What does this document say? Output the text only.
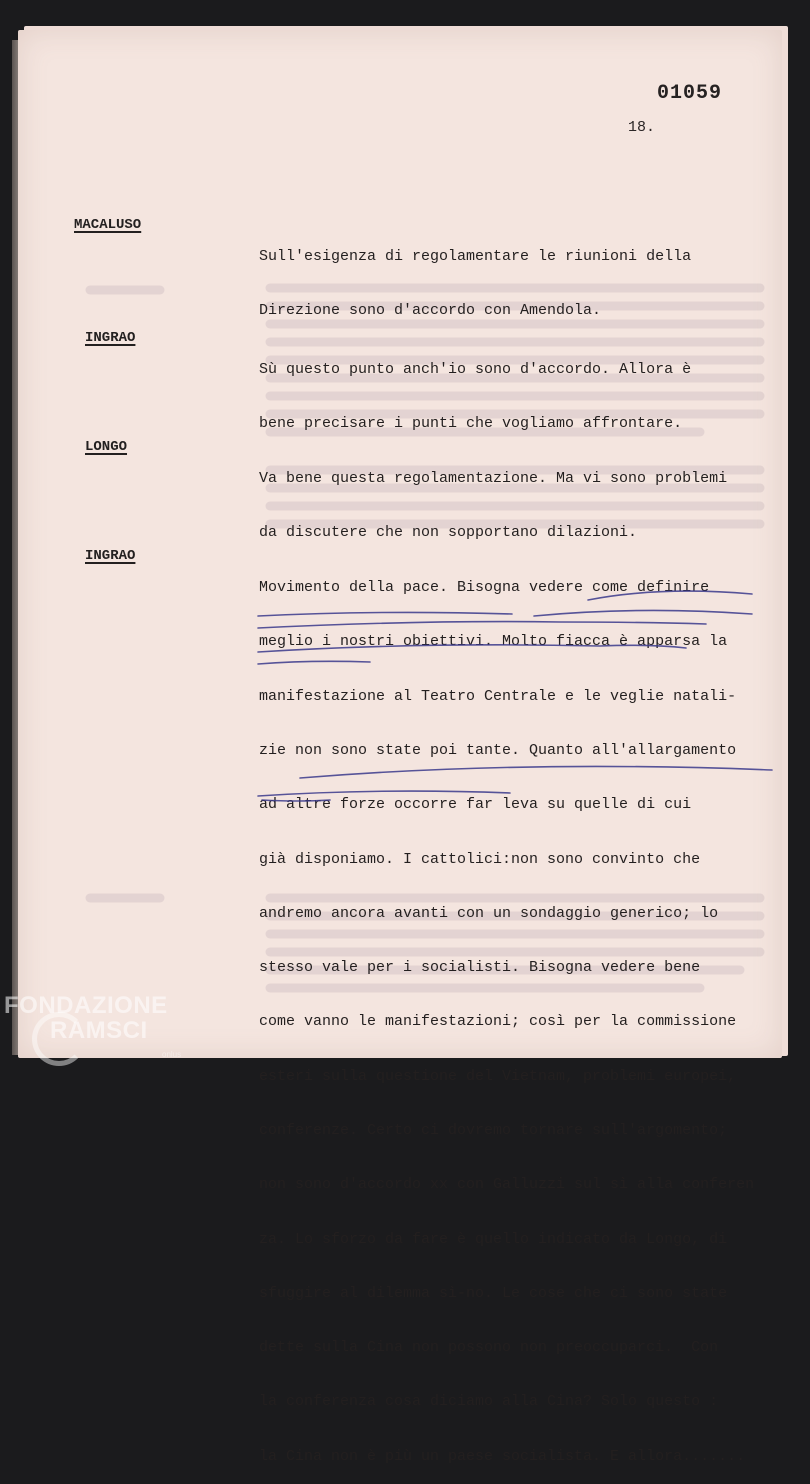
01059
18.
MACALUSO

Sull'esigenza di regolamentare le riunioni della

Direzione sono d'accordo con Amendola.

INGRAO

Sù questo punto anch'io sono d'accordo. Allora è

bene precisare i punti che vogliamo affrontare.

LONGO

Va bene questa regolamentazione. Ma vi sono problemi

da discutere che non sopportano dilazioni.

INGRAO

Movimento della pace. Bisogna vedere come definire

meglio i nostri obiettivi. Molto fiacca è apparsa la

manifestazione al Teatro Centrale e le veglie natali-

zie non sono state poi tante. Quanto all'allargamento

ad altre forze occorre far leva su quelle di cui

già disponiamo. I cattolici:non sono convinto che

andremo ancora avanti con un sondaggio generico; lo

stesso vale per i socialisti. Bisogna vedere bene

come vanno le manifestazioni; così per la commissione

esteri sulla questione del Vietnam, problemi europei,

conferenze. Certo ci dovremo tornare sull'argomento;

non sono d'accordo xx con Galluzzi sul sì alla conferen

za. Lo sforzo da fare è quello indicato da Longo, di

sfuggire al dilemma sì-no. Le cose che ci sono state

dette sulla Cina non possono non preoccuparci.  Con

la conferenza cosa diciamo alla Cina? Solo questo :

la Cina non è più un paese socialista. E allora.......

FONDAZIONE
RAMSCI
onlus
